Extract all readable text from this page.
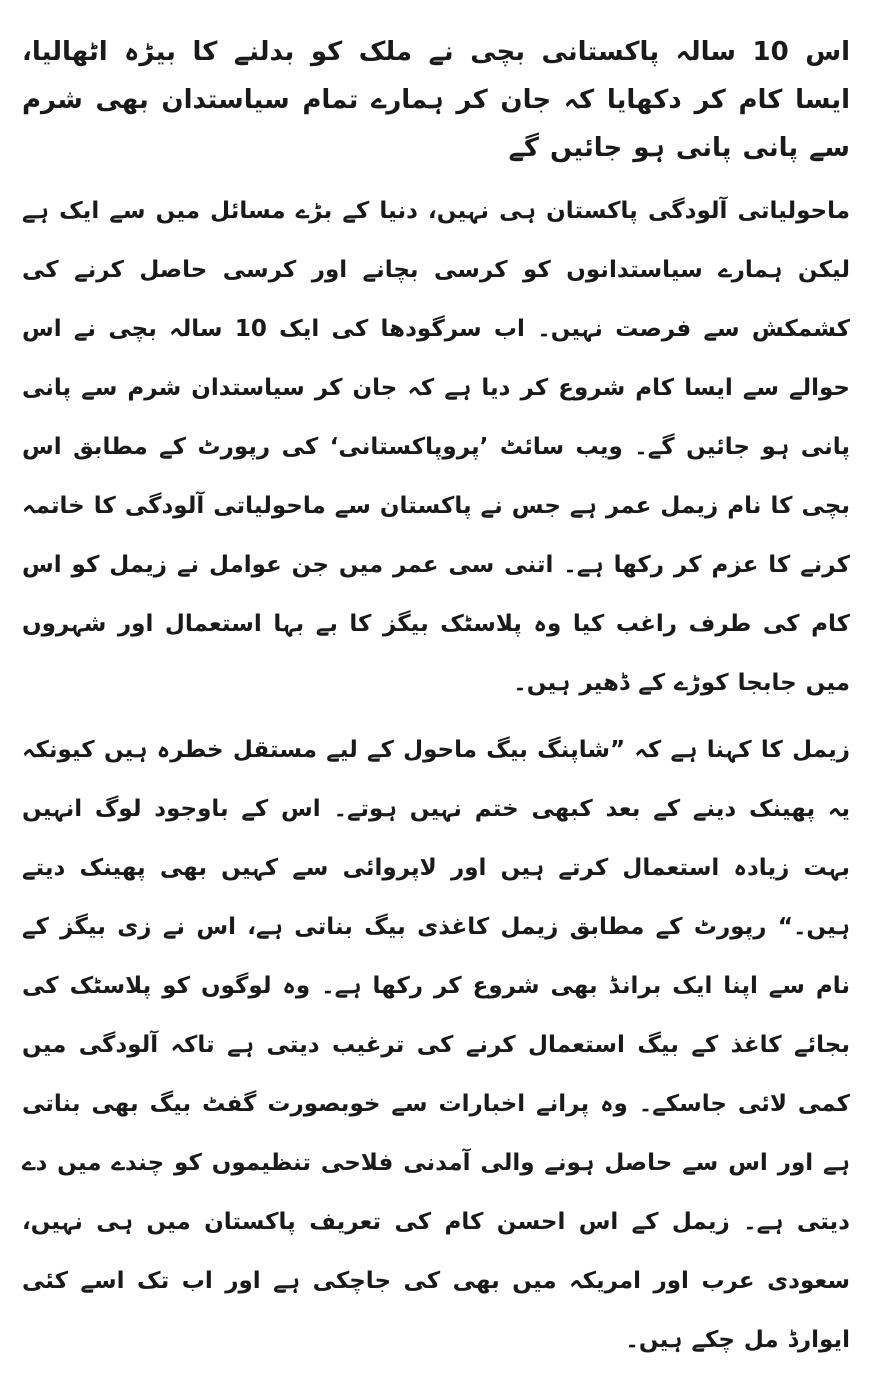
اس 10 سالہ پاکستانی بچی نے ملک کو بدلنے کا بیڑہ اٹھالیا، ایسا کام کر دکھایا کہ جان کر ہمارے تمام سیاستدان بھی شرم سے پانی پانی ہو جائیں گے

ماحولیاتی آلودگی پاکستان ہی نہیں، دنیا کے بڑے مسائل میں سے ایک ہے لیکن ہمارے سیاستدانوں کو کرسی بچانے اور کرسی حاصل کرنے کی کشمکش سے فرصت نہیں۔ اب سرگودھا کی ایک 10 سالہ بچی نے اس حوالے سے ایسا کام شروع کر دیا ہے کہ جان کر سیاستدان شرم سے پانی پانی ہو جائیں گے۔ ویب سائٹ ’پروپاکستانی‘ کی رپورٹ کے مطابق اس بچی کا نام زیمل عمر ہے جس نے پاکستان سے ماحولیاتی آلودگی کا خاتمہ کرنے کا عزم کر رکھا ہے۔ اتنی سی عمر میں جن عوامل نے زیمل کو اس کام کی طرف راغب کیا وہ پلاسٹک بیگز کا بے بہا استعمال اور شہروں میں جابجا کوڑے کے ڈھیر ہیں۔

زیمل کا کہنا ہے کہ ”شاپنگ بیگ ماحول کے لیے مستقل خطرہ ہیں کیونکہ یہ پھینک دینے کے بعد کبھی ختم نہیں ہوتے۔ اس کے باوجود لوگ انہیں بہت زیادہ استعمال کرتے ہیں اور لاپروائی سے کہیں بھی پھینک دیتے ہیں۔“ رپورٹ کے مطابق زیمل کاغذی بیگ بناتی ہے، اس نے زی بیگز کے نام سے اپنا ایک برانڈ بھی شروع کر رکھا ہے۔ وہ لوگوں کو پلاسٹک کی بجائے کاغذ کے بیگ استعمال کرنے کی ترغیب دیتی ہے تاکہ آلودگی میں کمی لائی جاسکے۔ وہ پرانے اخبارات سے خوبصورت گفٹ بیگ بھی بناتی ہے اور اس سے حاصل ہونے والی آمدنی فلاحی تنظیموں کو چندے میں دے دیتی ہے۔ زیمل کے اس احسن کام کی تعریف پاکستان میں ہی نہیں، سعودی عرب اور امریکہ میں بھی کی جاچکی ہے اور اب تک اسے کئی ایوارڈ مل چکے ہیں۔
